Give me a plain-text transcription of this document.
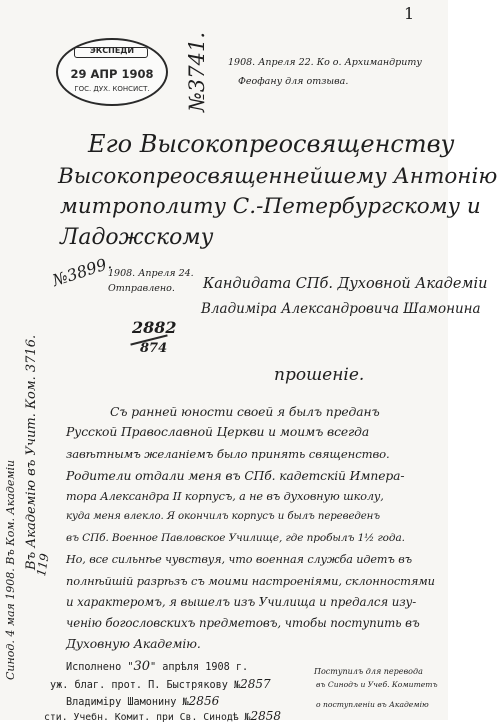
1
ЭКСПЕДИ
29 АПР 1908
ГОС. ДУХ. КОНСИСТ.	№3741. 1908. Апреля 22. Ко о. Архимандриту
Феофану для отзыва.
Его Высокопреосвященству
Высокопреосвященнейшему Антонію
митрополиту С.-Петербургскому и
Ладожскому
№3899.
1908. Апреля 24.
Отправлено. Кандидата СПб. Духовной Академіи
Владиміра Александровича Шамонина
2882
874
прошеніе.
Съ ранней юности своей я былъ преданъ
Русской Православной Церкви и моимъ всегда
завѣтнымъ желаніемъ было принять священство.
Родители отдали меня въ СПб. кадетскій Импера-
тора Александра II корпусъ, а не въ духовную школу,
куда меня влекло. Я окончилъ корпусъ и былъ переведенъ
въ СПб. Военное Павловское Училище, где пробылъ 1½ года.
Но, все сильнѣе чувствуя, что военная служба идетъ въ
полнѣйшій разрѣзъ съ моими настроеніями, склонностями
и характеромъ, я вышелъ изъ Училища и предался изу-
ченію богословскихъ предметовъ, чтобы поступить въ
Духовную Академію.
Въ Академію въ Учит. Ком. 3716.
Синод. 4 мая 1908. Въ Ком. Академіи 119
Исполнено "30" апрѣля 1908 г.
уж. благ. прот. П. Быстрякову №2857
Владиміру Шамонину №2856
сти. Учебн. Комит. при Св. Синодѣ №2858
Поступилъ для перевода
въ Синодъ и Учеб. Комитетъ
о поступленіи въ Академію
